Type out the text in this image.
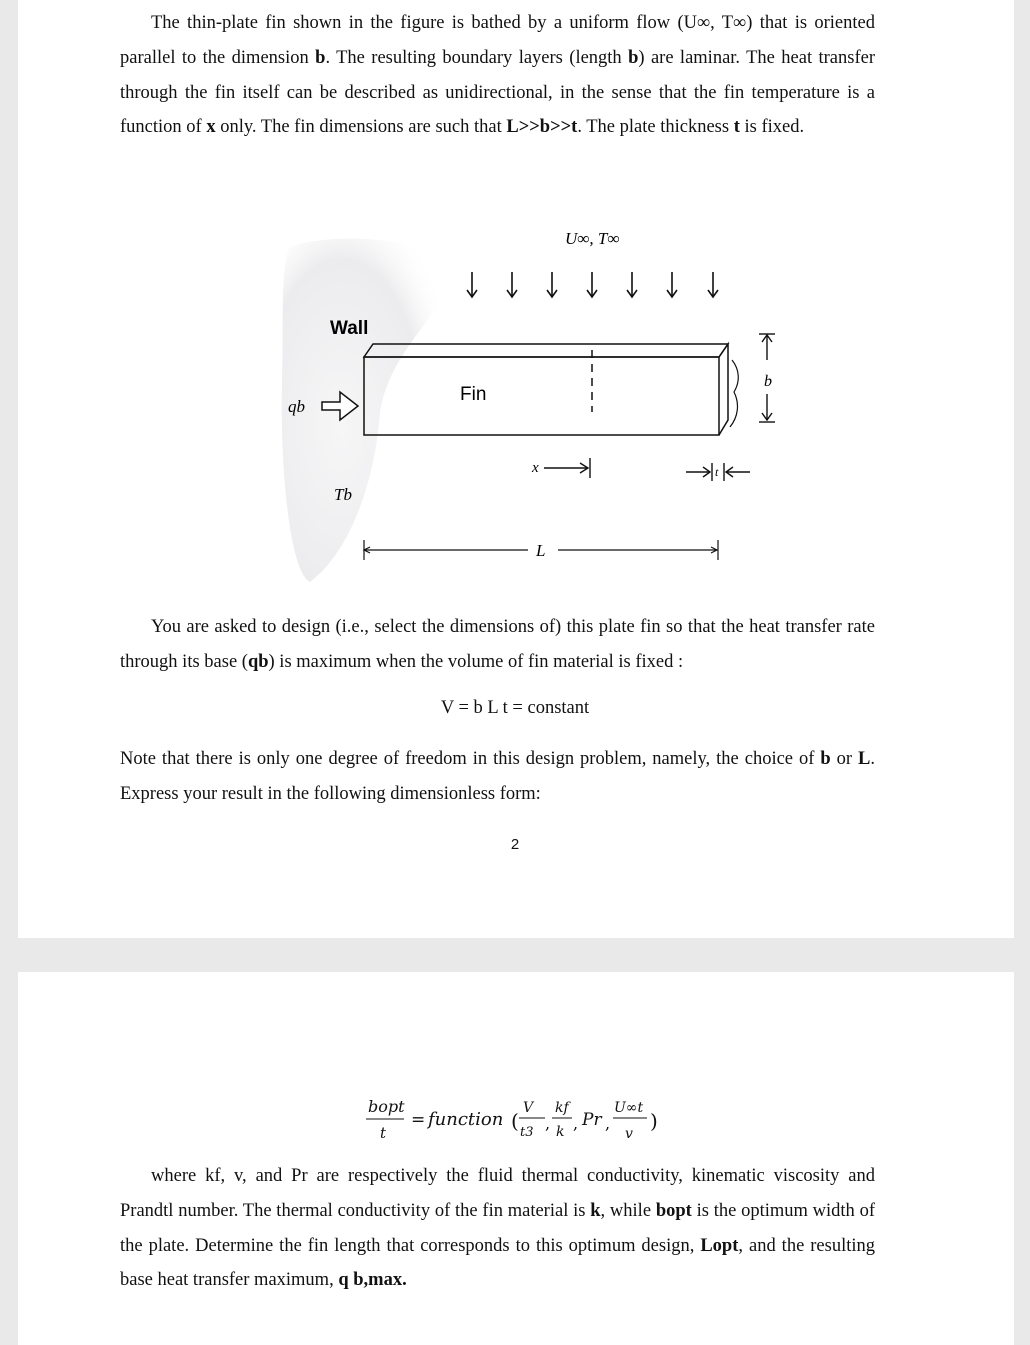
The thin-plate fin shown in the figure is bathed by a uniform flow (U∞, T∞) that is oriented parallel to the dimension b. The resulting boundary layers (length b) are laminar. The heat transfer through the fin itself can be described as unidirectional, in the sense that the fin temperature is a function of x only. The fin dimensions are such that L>>b>>t. The plate thickness t is fixed.

U∞, T∞
Wall
Fin
qb
Tb
x
b
t
L

You are asked to design (i.e., select the dimensions of) this plate fin so that the heat transfer rate through its base (qb) is maximum when the volume of fin material is fixed :

V = b L t = constant

Note that there is only one degree of freedom in this design problem, namely, the choice of b or L. Express your result in the following dimensionless form:

2
bopt
t
= function (
V
t3 ,
kf
k , Pr ,
U∞t
v
)

where kf, v, and Pr are respectively the fluid thermal conductivity, kinematic viscosity and Prandtl number. The thermal conductivity of the fin material is k, while bopt is the optimum width of the plate. Determine the fin length that corresponds to this optimum design, Lopt, and the resulting base heat transfer maximum, q b,max.
